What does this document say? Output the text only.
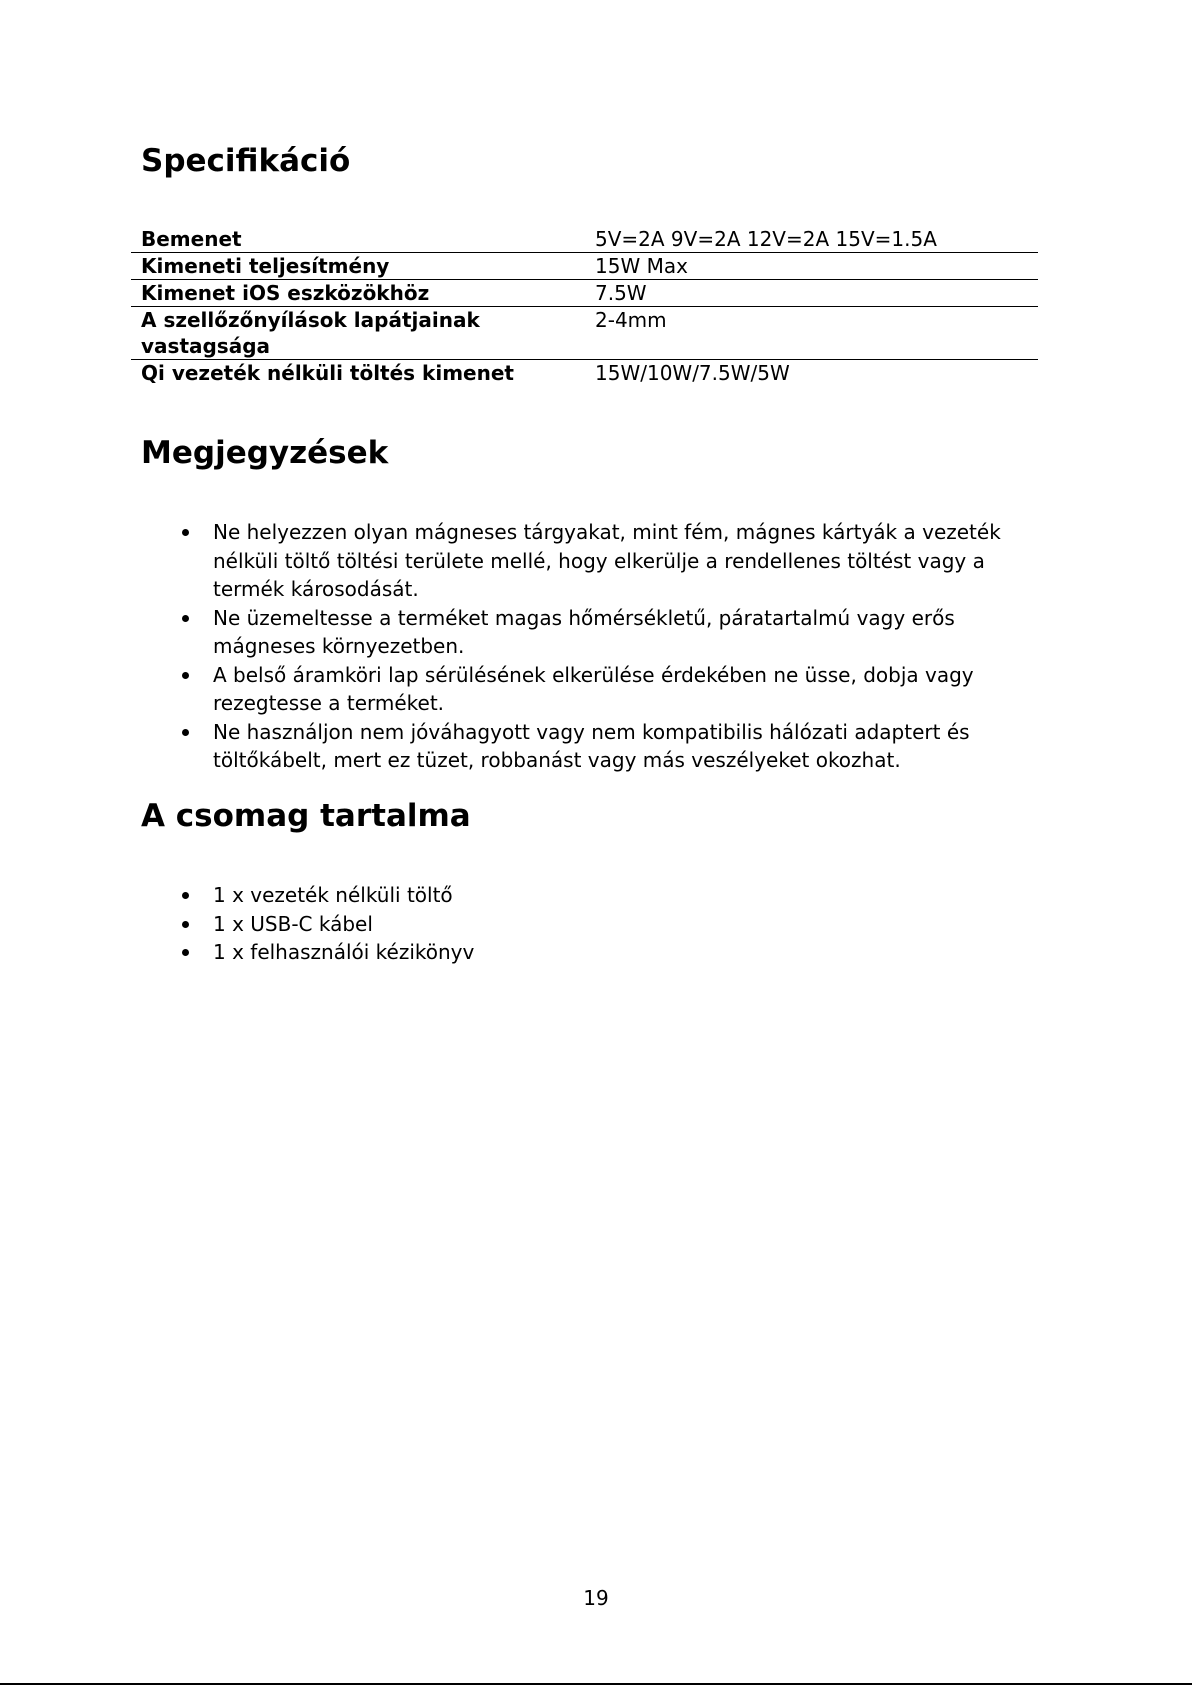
Specifikáció
Bemenet	5V=2A 9V=2A 12V=2A 15V=1.5A
Kimeneti teljesítmény	15W Max
Kimenet iOS eszközökhöz	7.5W
A szellőzőnyílások lapátjainak vastagsága	2-4mm
Qi vezeték nélküli töltés kimenet	15W/10W/7.5W/5W
Megjegyzések
Ne helyezzen olyan mágneses tárgyakat, mint fém, mágnes kártyák a vezeték nélküli töltő töltési területe mellé, hogy elkerülje a rendellenes töltést vagy a termék károsodását.
Ne üzemeltesse a terméket magas hőmérsékletű, páratartalmú vagy erős mágneses környezetben.
A belső áramköri lap sérülésének elkerülése érdekében ne üsse, dobja vagy rezegtesse a terméket.
Ne használjon nem jóváhagyott vagy nem kompatibilis hálózati adaptert és töltőkábelt, mert ez tüzet, robbanást vagy más veszélyeket okozhat.
A csomag tartalma
1 x vezeték nélküli töltő
1 x USB-C kábel
1 x felhasználói kézikönyv
19
